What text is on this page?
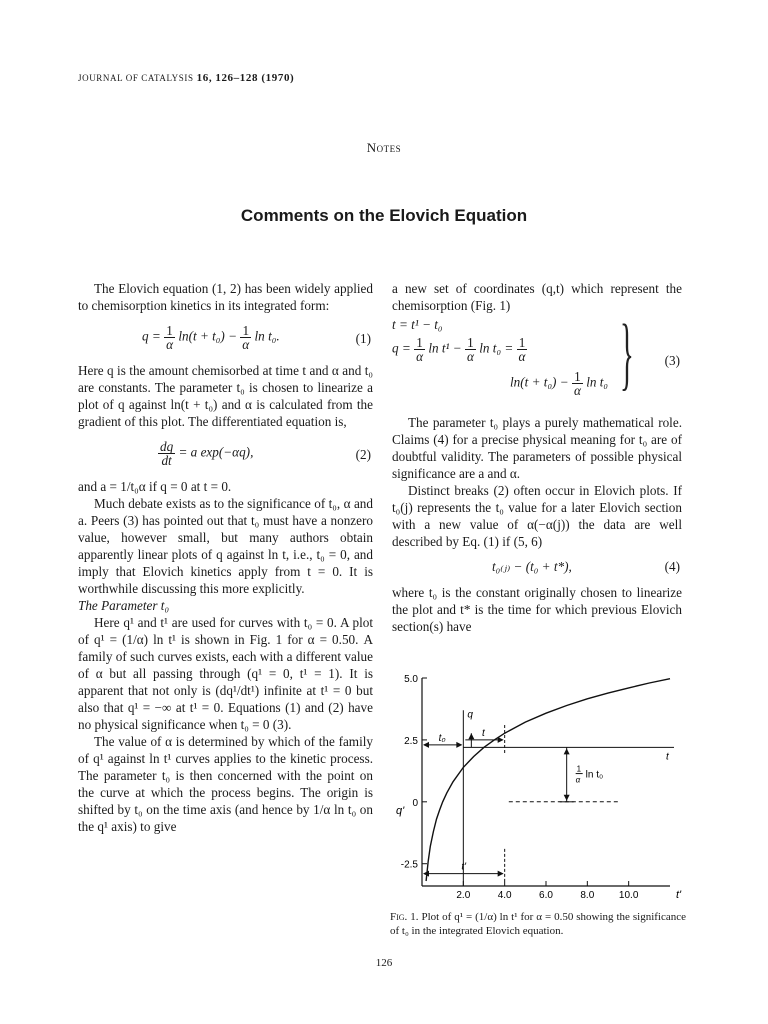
JOURNAL OF CATALYSIS 16, 126–128 (1970)
Notes
Comments on the Elovich Equation

The Elovich equation (1, 2) has been widely applied to chemisorption kinetics in its integrated form:

$q = \frac{1}{\alpha} \ln(t + t_0) - \frac{1}{\alpha}$ ln t₀.	(1)

Here q is the amount chemisorbed at time t and α and t₀ are constants. The parameter t₀ is chosen to linearize a plot of q against ln(t + t₀) and α is calculated from the gradient of this plot. The differentiated equation is,

$\frac{dq}{dt} = a$ exp(−αq),	(2)

and a = 1/t₀α if q = 0 at t = 0.

Much debate exists as to the significance of t₀, α and a. Peers (3) has pointed out that t₀ must have a nonzero value, however small, but many authors obtain apparently linear plots of q against ln t, i.e., t₀ = 0, and imply that Elovich kinetics apply from t = 0. It is worthwhile discussing this more explicitly.

The Parameter t₀

Here q¹ and t¹ are used for curves with t₀ = 0. A plot of q¹ = (1/α) ln t¹ is shown in Fig. 1 for α = 0.50. A family of such curves exists, each with a different value of α but all passing through (q¹ = 0, t¹ = 1). It is apparent that not only is (dq¹/dt¹) infinite at t¹ = 0 but also that q¹ = −∞ at t¹ = 0. Equations (1) and (2) have no physical significance when t₀ = 0 (3).

The value of α is determined by which of the family of q¹ against ln t¹ curves applies to the kinetic process. The parameter t₀ is then concerned with the point on the curve at which the process begins. The origin is shifted by t₀ on the time axis (and hence by 1/α ln t₀ on the q¹ axis) to give

a new set of coordinates (q,t) which represent the chemisorption (Fig. 1)

t = t¹ − t₀
$q = \frac{1}{\alpha}$ $\ln t^1 - \frac{1}{\alpha}$ $\ln t_0 = \frac{1}{\alpha}$
$\ln(t + t_0) - \frac{1}{\alpha}$ ln t₀ } (3)

The parameter t₀ plays a purely mathematical role. Claims (4) for a precise physical meaning for t₀ are of doubtful validity. The parameters of possible physical significance are a and α.

Distinct breaks (2) often occur in Elovich plots. If t₀(j) represents the t₀ value for a later Elovich section with a new value of α(−α(j)) the data are well described by Eq. (1) if (5, 6)

t₀₍ⱼ₎ − (t₀ + t*),	(4)

where t₀ is the constant originally chosen to linearize the plot and t* is the time for which previous Elovich section(s) have

5.0
2.5
0
-2.5
2.0	4.0	6.0	8.0 10.0
q'
t'
t
t₀
q
t
1
α ln t₀
t'
Fig. 1. Plot of q¹ = (1/α) ln t¹ for α = 0.50 showing the significance of t₀ in the integrated Elovich equation.
126
